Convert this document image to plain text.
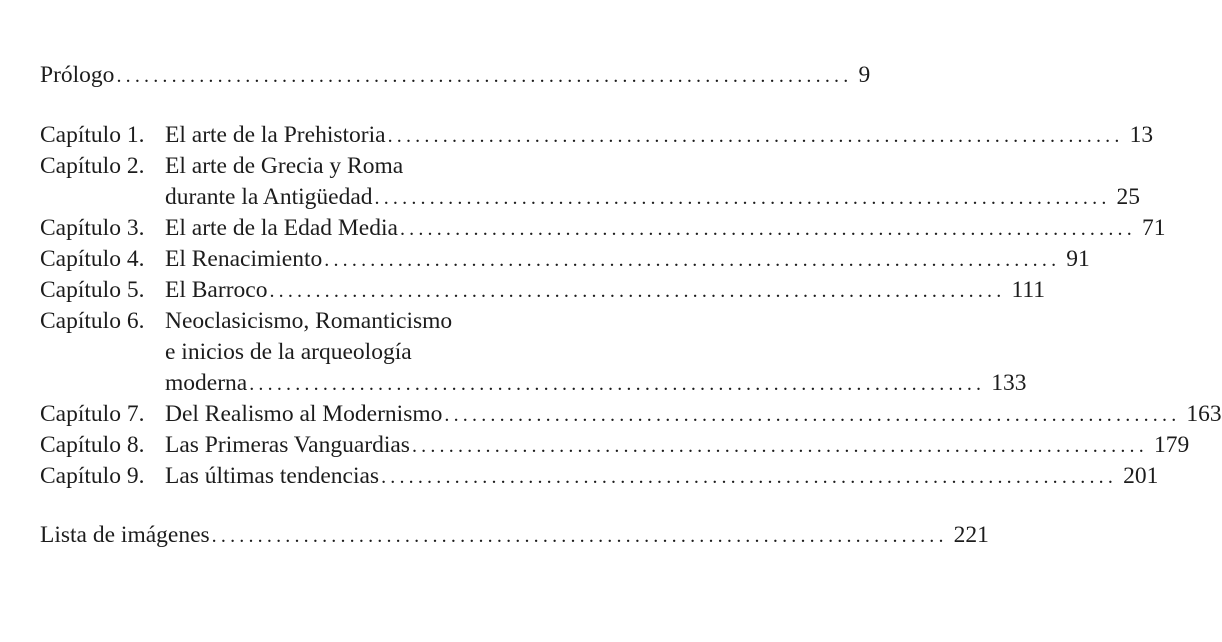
Prólogo ................................................................................ 9
Capítulo 1. El arte de la Prehistoria ................................................................................ 13
Capítulo 2. El arte de Grecia y Roma
durante la Antigüedad ................................................................................ 25
Capítulo 3. El arte de la Edad Media ................................................................................ 71
Capítulo 4. El Renacimiento ................................................................................ 91
Capítulo 5. El Barroco ................................................................................ 111
Capítulo 6. Neoclasicismo, Romanticismo
e inicios de la arqueología
moderna ................................................................................ 133
Capítulo 7. Del Realismo al Modernismo ................................................................................ 163
Capítulo 8. Las Primeras Vanguardias ................................................................................ 179
Capítulo 9. Las últimas tendencias ................................................................................ 201
Lista de imágenes ................................................................................ 221
